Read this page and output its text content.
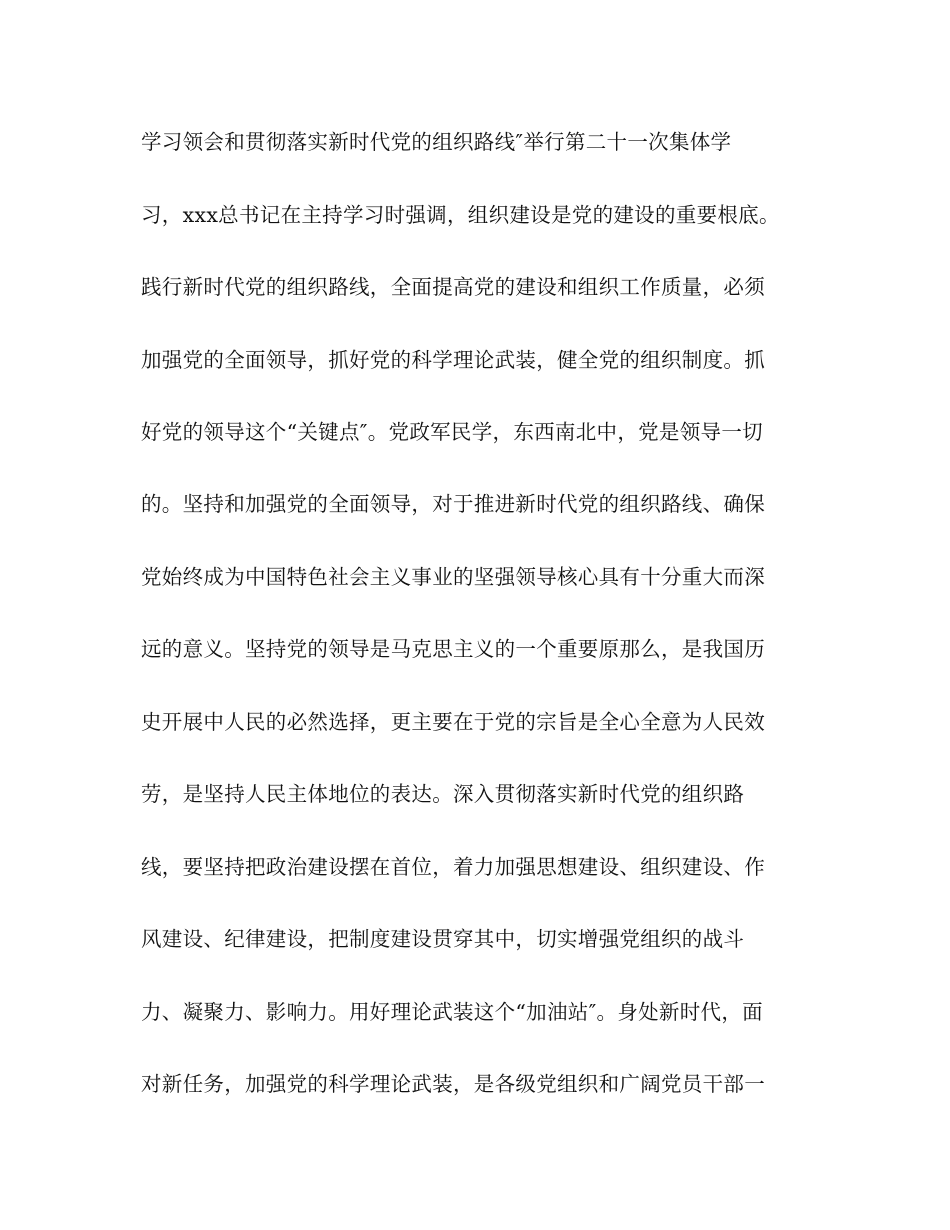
学习领会和贯彻落实新时代党的组织路线″举行第二十一次集体学
习，xxx总书记在主持学习时强调，组织建设是党的建设的重要根底。
践行新时代党的组织路线，全面提高党的建设和组织工作质量，必须
加强党的全面领导，抓好党的科学理论武装，健全党的组织制度。抓
好党的领导这个“关键点″。党政军民学，东西南北中，党是领导一切
的。坚持和加强党的全面领导，对于推进新时代党的组织路线、确保
党始终成为中国特色社会主义事业的坚强领导核心具有十分重大而深
远的意义。坚持党的领导是马克思主义的一个重要原那么，是我国历
史开展中人民的必然选择，更主要在于党的宗旨是全心全意为人民效
劳，是坚持人民主体地位的表达。深入贯彻落实新时代党的组织路
线，要坚持把政治建设摆在首位，着力加强思想建设、组织建设、作
风建设、纪律建设，把制度建设贯穿其中，切实增强党组织的战斗
力、凝聚力、影响力。用好理论武装这个“加油站″。身处新时代，面
对新任务，加强党的科学理论武装，是各级党组织和广阔党员干部一
